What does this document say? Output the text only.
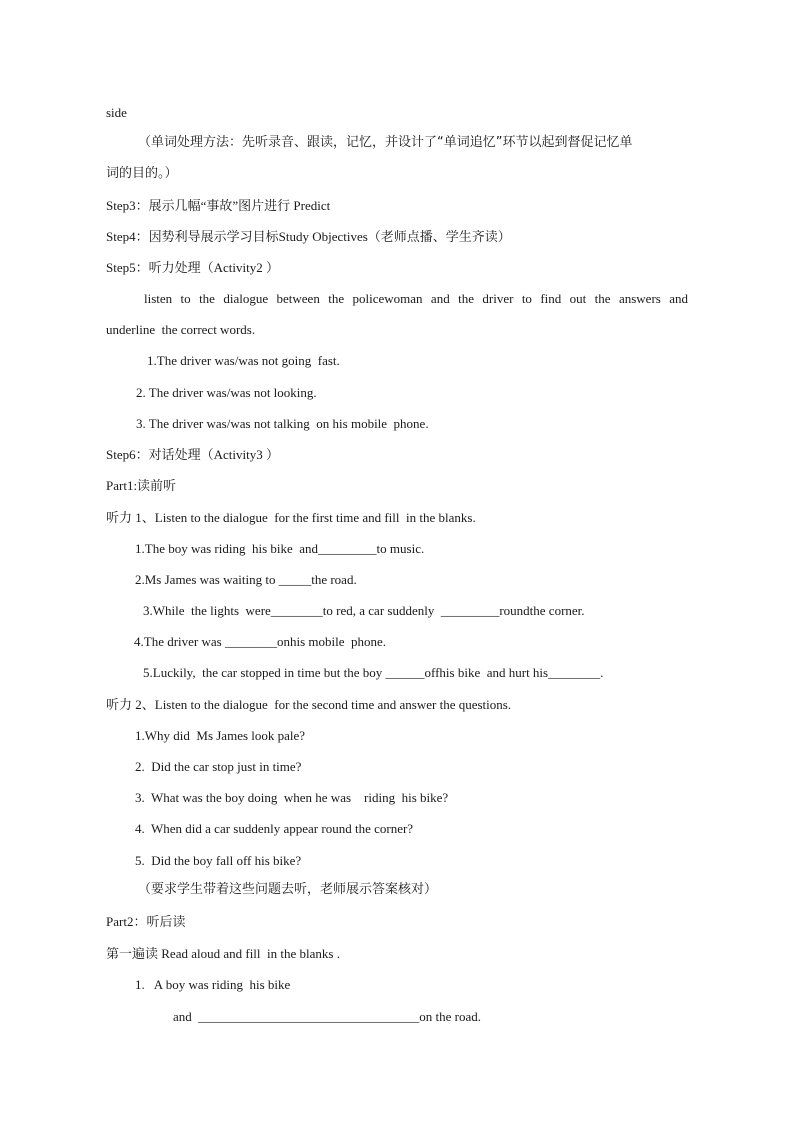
side
（单词处理方法：先听录音、跟读，记忆，并设计了“单词追忆”环节以起到督促记忆单
词的目的。）
Step3：展示几幅“事故”图片进行 Predict
Step4：因势利导展示学习目标Study Objectives（老师点播、学生齐读）
Step5：听力处理（Activity2 ）
listen to the dialogue between the policewoman and the driver to find out the answers and
underline  the correct words.
1.The driver was/was not going  fast.
2. The driver was/was not looking.
3. The driver was/was not talking  on his mobile  phone.
Step6：对话处理（Activity3 ）
Part1:读前听
听力 1、Listen to the dialogue  for the first time and fill  in the blanks.
1.The boy was riding  his bike  and_________to music.
2.Ms James was waiting to _____the road.
3.While  the lights  were________to red, a car suddenly  _________roundthe corner.
4.The driver was ________onhis mobile  phone.
5.Luckily,  the car stopped in time but the boy ______offhis bike  and hurt his________.
听力 2、Listen to the dialogue  for the second time and answer the questions.
1.Why did  Ms James look pale?
2.  Did the car stop just in time?
3.  What was the boy doing  when he was    riding  his bike?
4.  When did a car suddenly appear round the corner?
5.  Did the boy fall off his bike?
（要求学生带着这些问题去听，老师展示答案核对）
Part2：听后读
第一遍读 Read aloud and fill  in the blanks .
1.   A boy was riding  his bike
and  __________________________________on the road.
